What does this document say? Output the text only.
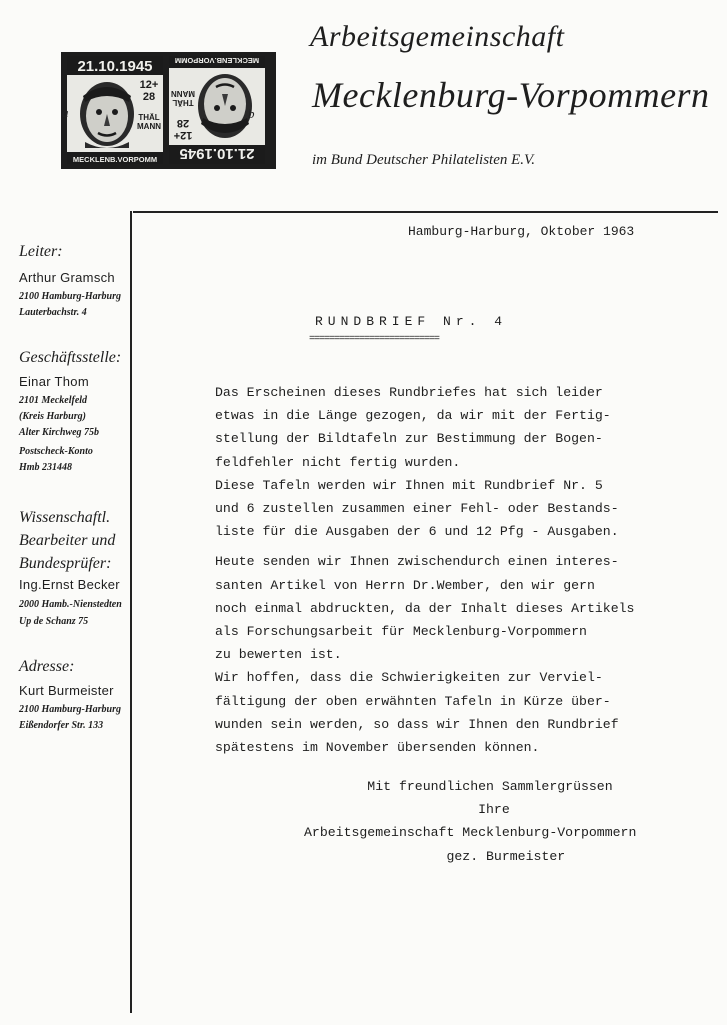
21.10.1945
12+
28
THÄL
MANN
MECKLENB.VORPOMM 21.10.1945
12+
28
THÄL
MANN
MECKLENB.VORPOMM
a	b
Arbeitsgemeinschaft
Mecklenburg-Vorpommern
im Bund Deutscher Philatelisten E.V.
Leiter:
Arthur Gramsch
2100 Hamburg-Harburg
Lauterbachstr. 4
Geschäftsstelle:
Einar Thom
2101 Meckelfeld
(Kreis Harburg)
Alter Kirchweg 75b
Postscheck-Konto
Hmb 231448
Wissenschaftl.
Bearbeiter und
Bundesprüfer:
Ing.Ernst Becker
2000 Hamb.-Nienstedten
Up de Schanz 75
Adresse:
Kurt Burmeister
2100 Hamburg-Harburg
Eißendorfer Str. 133
Hamburg-Harburg, Oktober 1963
RUNDBRIEF Nr. 4
==========================
Das Erscheinen dieses Rundbriefes hat sich leider
etwas in die Länge gezogen, da wir mit der Fertig-
stellung der Bildtafeln zur Bestimmung der Bogen-
feldfehler nicht fertig wurden.
Diese Tafeln werden wir Ihnen mit Rundbrief Nr. 5
und 6 zustellen zusammen einer Fehl- oder Bestands-
liste für die Ausgaben der 6 und 12 Pfg - Ausgaben.
Heute senden wir Ihnen zwischendurch einen interes-
santen Artikel von Herrn Dr.Wember, den wir gern
noch einmal abdruckten, da der Inhalt dieses Artikels
als Forschungsarbeit für Mecklenburg-Vorpommern
zu bewerten ist.
Wir hoffen, dass die Schwierigkeiten zur Verviel-
fältigung der oben erwähnten Tafeln in Kürze über-
wunden sein werden, so dass wir Ihnen den Rundbrief
spätestens im November übersenden können.
Mit freundlichen Sammlergrüssen
Ihre
Arbeitsgemeinschaft Mecklenburg-Vorpommern
gez. Burmeister
